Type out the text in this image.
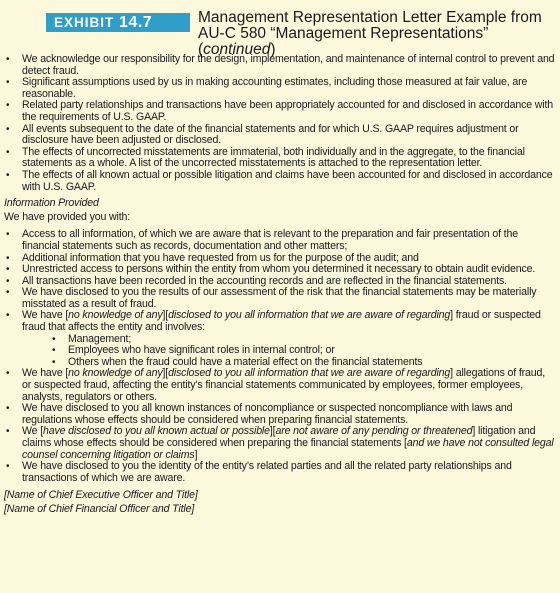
EXHIBIT 14.7	Management Representation Letter Example from
AU-C 580 “Management Representations” (continued)
• We acknowledge our responsibility for the design, implementation, and maintenance of internal control to prevent and detect fraud.
• Significant assumptions used by us in making accounting estimates, including those measured at fair value, are reasonable.
• Related party relationships and transactions have been appropriately accounted for and disclosed in accordance with the requirements of U.S. GAAP.
• All events subsequent to the date of the financial statements and for which U.S. GAAP requires adjustment or disclosure have been adjusted or disclosed.
• The effects of uncorrected misstatements are immaterial, both individually and in the aggregate, to the financial statements as a whole. A list of the uncorrected misstatements is attached to the representation letter.
• The effects of all known actual or possible litigation and claims have been accounted for and disclosed in accordance with U.S. GAAP.
Information Provided
We have provided you with:
• Access to all information, of which we are aware that is relevant to the preparation and fair presentation of the financial statements such as records, documentation and other matters;
• Additional information that you have requested from us for the purpose of the audit; and
• Unrestricted access to persons within the entity from whom you determined it necessary to obtain audit evidence.
• All transactions have been recorded in the accounting records and are reflected in the financial statements.
• We have disclosed to you the results of our assessment of the risk that the financial statements may be materially misstated as a result of fraud.
• We have [no knowledge of any][disclosed to you all information that we are aware of regarding] fraud or suspected fraud that affects the entity and involves:
• Management;
• Employees who have significant roles in internal control; or
• Others when the fraud could have a material effect on the financial statements
• We have [no knowledge of any][disclosed to you all information that we are aware of regarding] allegations of fraud, or suspected fraud, affecting the entity’s financial statements communicated by employees, former employees, analysts, regulators or others.
• We have disclosed to you all known instances of noncompliance or suspected noncompliance with laws and regulations whose effects should be considered when preparing financial statements.
• We [have disclosed to you all known actual or possible][are not aware of any pending or threatened] litigation and claims whose effects should be considered when preparing the financial statements [and we have not consulted legal counsel concerning litigation or claims]
• We have disclosed to you the identity of the entity’s related parties and all the related party relationships and transactions of which we are aware.
[Name of Chief Executive Officer and Title]
[Name of Chief Financial Officer and Title]
